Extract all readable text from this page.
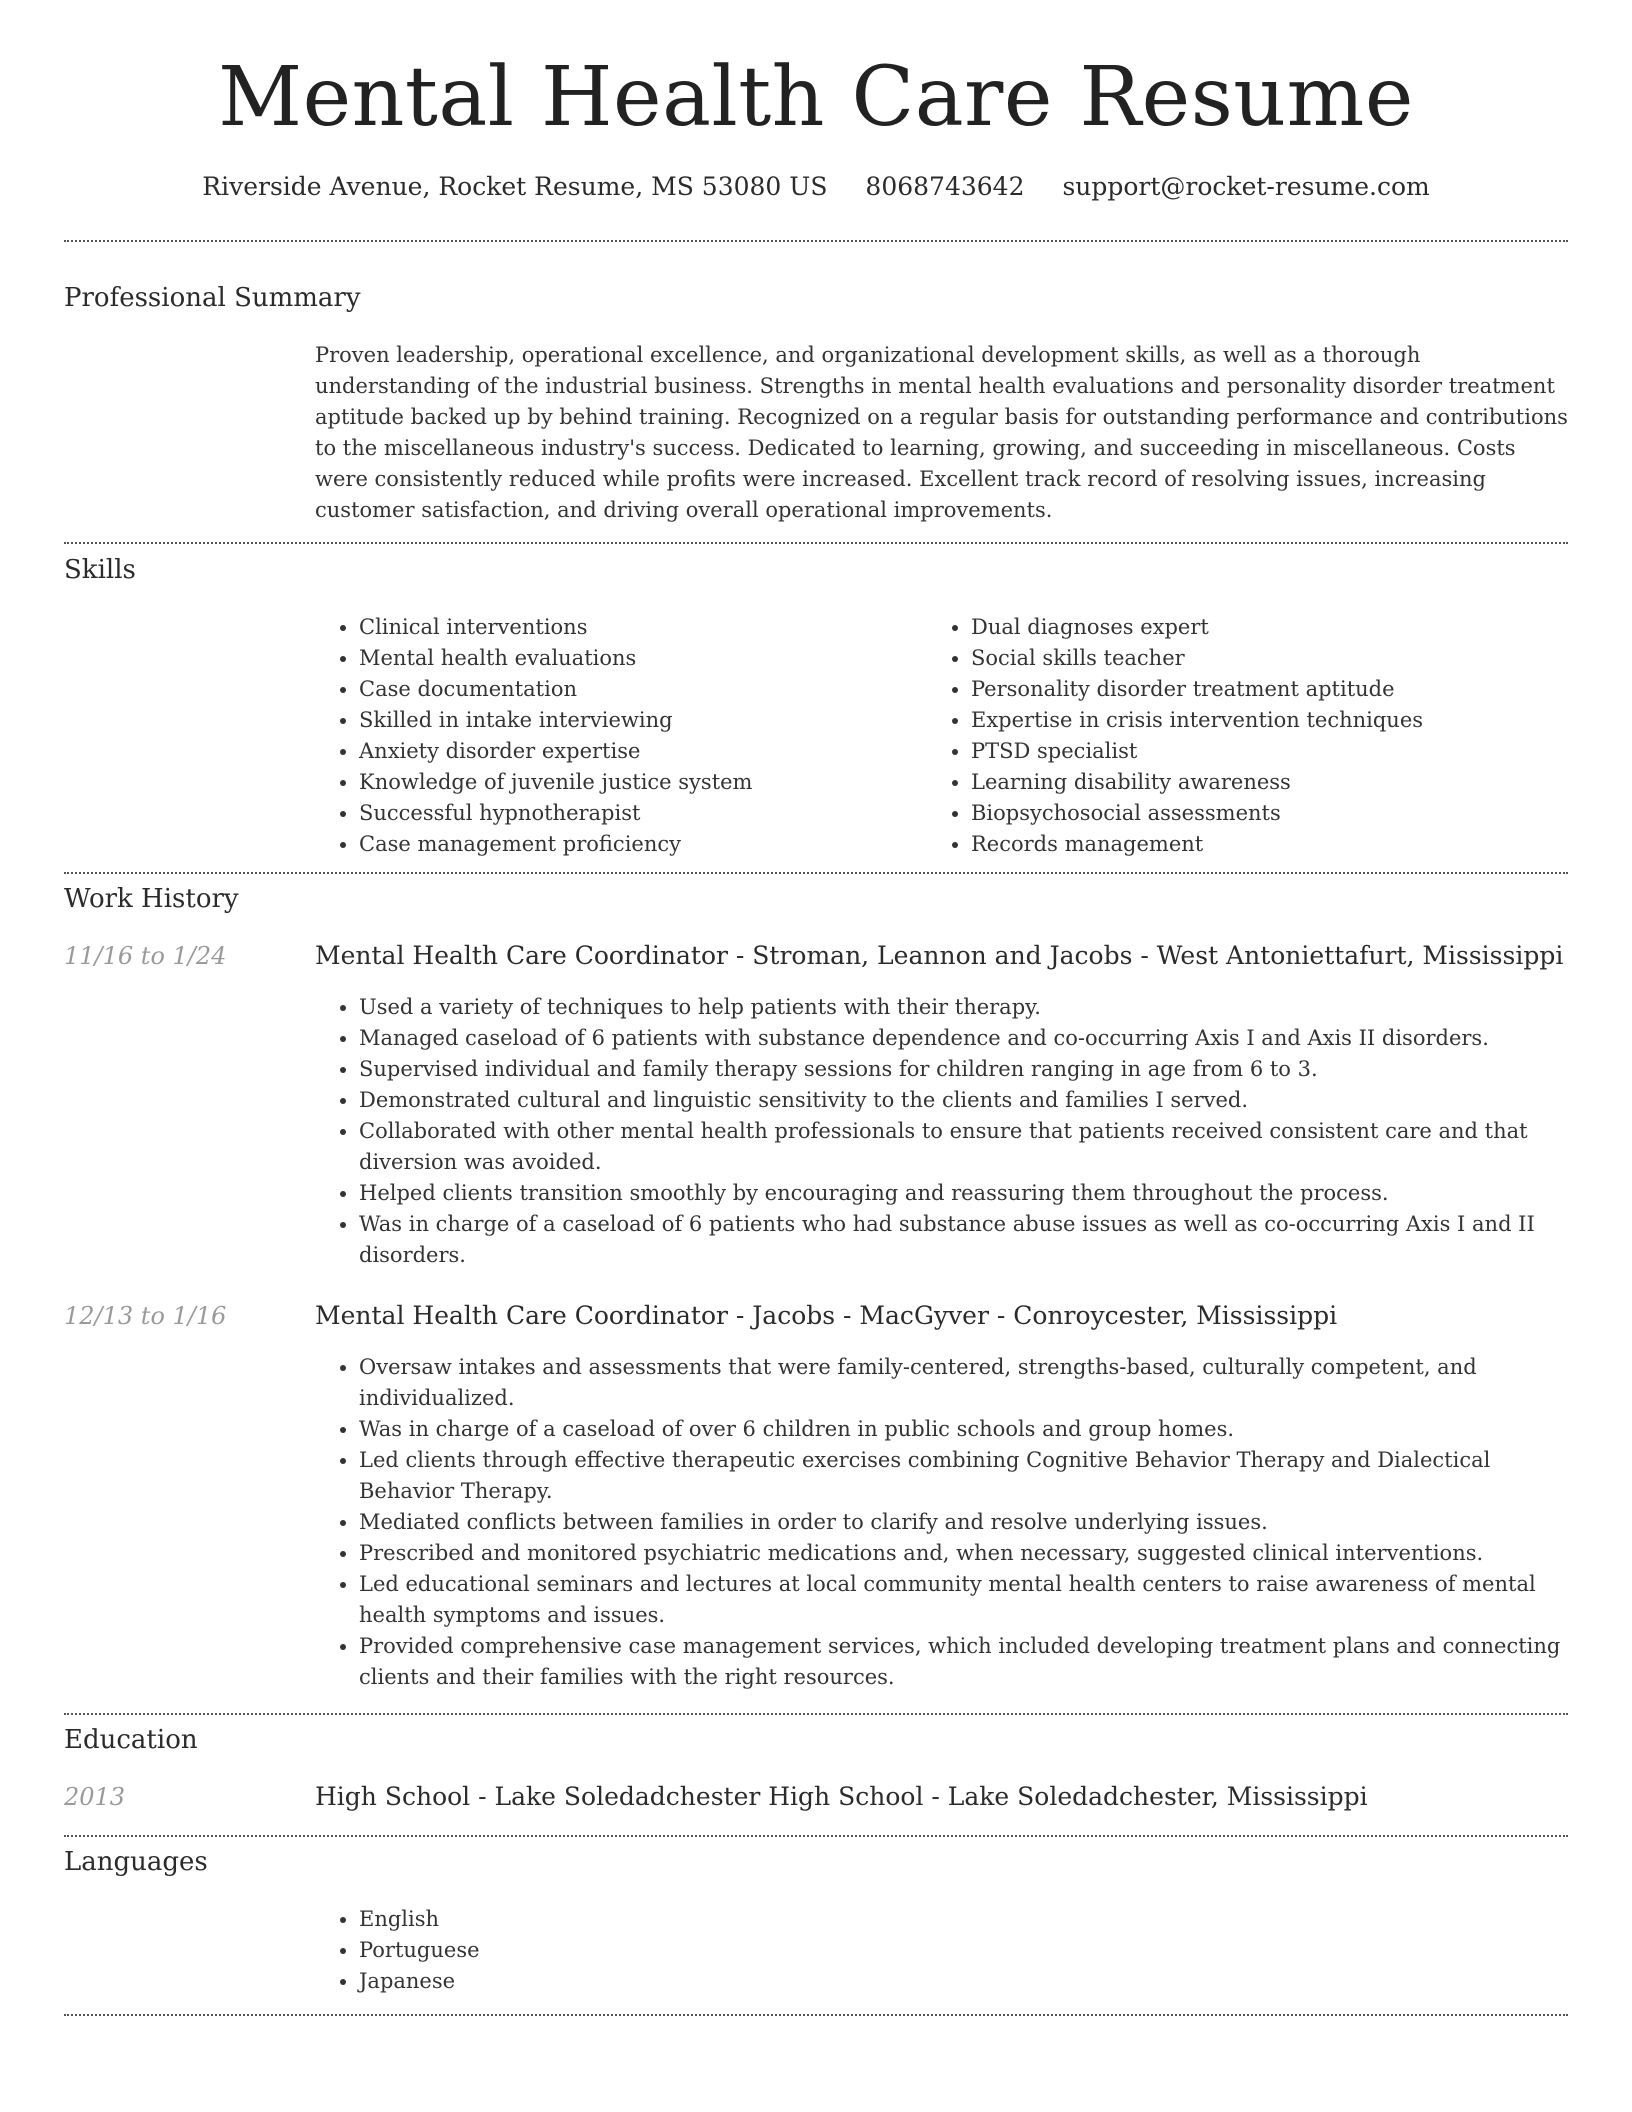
Mental Health Care Resume
Riverside Avenue, Rocket Resume, MS 53080 US 8068743642 support@rocket-resume.com
Professional Summary
Proven leadership, operational excellence, and organizational development skills, as well as a thorough understanding of the industrial business. Strengths in mental health evaluations and personality disorder treatment aptitude backed up by behind training. Recognized on a regular basis for outstanding performance and contributions to the miscellaneous industry's success. Dedicated to learning, growing, and succeeding in miscellaneous. Costs were consistently reduced while profits were increased. Excellent track record of resolving issues, increasing customer satisfaction, and driving overall operational improvements.
Skills
• Clinical interventions
• Mental health evaluations
• Case documentation
• Skilled in intake interviewing
• Anxiety disorder expertise
• Knowledge of juvenile justice system
• Successful hypnotherapist
• Case management proficiency
• Dual diagnoses expert
• Social skills teacher
• Personality disorder treatment aptitude
• Expertise in crisis intervention techniques
• PTSD specialist
• Learning disability awareness
• Biopsychosocial assessments
• Records management
Work History
11/16 to 1/24	Mental Health Care Coordinator - Stroman, Leannon and Jacobs - West Antoniettafurt, Mississippi
• Used a variety of techniques to help patients with their therapy.
• Managed caseload of 6 patients with substance dependence and co-occurring Axis I and Axis II disorders.
• Supervised individual and family therapy sessions for children ranging in age from 6 to 3.
• Demonstrated cultural and linguistic sensitivity to the clients and families I served.
• Collaborated with other mental health professionals to ensure that patients received consistent care and that diversion was avoided.
• Helped clients transition smoothly by encouraging and reassuring them throughout the process.
• Was in charge of a caseload of 6 patients who had substance abuse issues as well as co-occurring Axis I and II disorders.
12/13 to 1/16	Mental Health Care Coordinator - Jacobs - MacGyver - Conroycester, Mississippi
• Oversaw intakes and assessments that were family-centered, strengths-based, culturally competent, and individualized.
• Was in charge of a caseload of over 6 children in public schools and group homes.
• Led clients through effective therapeutic exercises combining Cognitive Behavior Therapy and Dialectical Behavior Therapy.
• Mediated conflicts between families in order to clarify and resolve underlying issues.
• Prescribed and monitored psychiatric medications and, when necessary, suggested clinical interventions.
• Led educational seminars and lectures at local community mental health centers to raise awareness of mental health symptoms and issues.
• Provided comprehensive case management services, which included developing treatment plans and connecting clients and their families with the right resources.
Education
2013	High School - Lake Soledadchester High School - Lake Soledadchester, Mississippi
Languages
• English
• Portuguese
• Japanese
